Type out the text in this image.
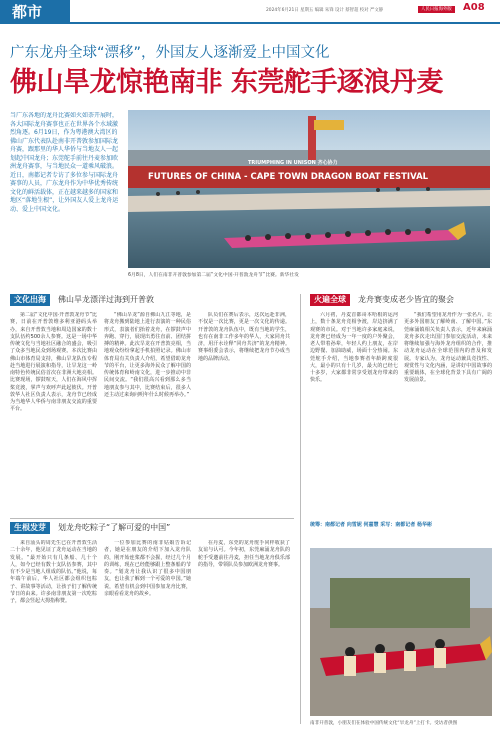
都市	2024年6月21日 星期五 编辑 朱锋 设计 蔡智超 校对 严文静	人民日报海外版	A08
广东龙舟全球“漂移”，外国友人逐渐爱上中国文化
佛山旱龙惊艳南非 东莞舵手逐浪丹麦
当广东各地的龙舟比赛如火如荼开展时，各大国际龙舟赛事也正在世界各个水域激烈角逐。6月19日，作为粤港澳大湾区的佛山广东代表队赴南非开普敦参加国际龙舟赛，跟那里的华人华侨与当地友人一起划起中国龙舟；东莞舵手前往丹麦参加欧洲龙舟赛事，与当地民众一道乘风破浪。近日，南都记者专访了多位参与国际龙舟赛事的人员，广东龙舟作为中华优秀传统文化的鲜活载体，正在越来越多的国家和地区“落地生根”，让外国友人爱上龙舟运动、爱上中国文化。
TRIUMPHING IN UNISON 齐心协力
FUTURES OF CHINA - CAPE TOWN DRAGON BOAT FESTIVAL
6月8日，人们在南非开普敦参加第二届“文化中国·开普敦龙舟节”比赛。新华社发
文化出海 佛山旱龙漂洋过海到开普敦	火遍全球 龙舟赛变成老少皆宜的聚会
第二届“文化中国·开普敦龙舟节”比赛，日前在开普敦维多利亚港码头举办，来自开普敦当地和周边国家的数十支队伍约500余人参赛。这是一场中华传统文化与当地社区融合的盛会，吸引了众多当地民众到场观赛。本次比赛由佛山市体育局支持，佛山旱龙队伍专程赴当地进行展演和指导，让旱龙这一岭南特色传统民俗首次在非洲大地亮相。比赛现场，锣鼓喧天，人们在海风中挥桨竞渡，掌声与欢呼声此起彼伏。开普敦华人社区负责人表示，龙舟节已经成为当地华人华侨与南非朋友交流的重要平台。
“佛山旱龙”源自佛山九江等地，是将龙舟搬到陆地上进行表演的一种民俗形式，表演者们抬着龙舟，在锣鼓声中奔跑、穿行，展现出勇往直前、团结拼搏的精神。此次旱龙在开普敦亮相，当地观众纷纷拿起手机拍照记录。佛山市体育局有关负责人介绍，希望借助龙舟节的平台，让更多海外民众了解中国的传统体育和岭南文化，进一步推动中非民间交流。“我们很高兴看到那么多当地朋友参与其中，比赛结束后，很多人还主动过来询问明年什么时候再举办。”
队员们在赛后表示，这次远赴非洲，不仅是一次比赛，更是一次文化的传递。开普敦的龙舟队伍中，既有当地的学生，也有在南非工作多年的华人，大家同舟共济，用汗水诠释“同舟共济”的龙舟精神。赛事组委会表示，将继续把龙舟节办成当地的品牌活动。
生根发芽 划龙舟吃粽子“了解可爱的中国”
来自汕头的周先生已在开普敦生活二十余年，他见证了龙舟运动在当地的发展。“最开始只有几条船、几十个人，如今已经有数十支队伍参赛，其中有不少是当地人组成的队伍。”他说，每年端午前后，华人社区都会组织包粽子、讲故事等活动，让孩子们了解传统节日的由来。许多南非朋友第一次吃粽子，都会竖起大拇指称赞。
一位参加比赛的南非姑娘告诉记者，她是在朋友的介绍下加入龙舟队的，刚开始连桨都不会握，经过几个月的训练，现在已经能够跟上整条船的节奏。“划龙舟让我认识了很多中国朋友，也让我了解到一个可爱的中国。”她说，希望有机会到中国参加龙舟比赛，亲眼看看龙舟的故乡。
在丹麦，东莞的龙舟舵手同样收获了友谊与认可。今年初，东莞麻涌龙舟队的舵手受邀前往丹麦，担任当地龙舟俱乐部的指导，带领队员参加欧洲龙舟赛事。
六月初，丹麦首都哥本哈根的运河上，数十条龙舟竞相争渡，岸边挤满了观赛的市民。对于当地许多家庭来说，龙舟赛已经成为一年一度的户外聚会，老人带着孙辈，年轻人约上朋友，在岸边野餐、加油助威，场面十分热闹。东莞舵手介绍，当地参赛者年龄跨度很大，最小的只有十几岁，最大的已经七十多岁，大家都非常享受划龙舟带来的快乐。
“我们希望用龙舟作为一张名片，让更多外国朋友了解岭南、了解中国。”东莞麻涌镇相关负责人表示，近年来麻涌龙舟多次走出国门参加交流活动，未来将继续加强与海外龙舟组织的合作，推动龙舟运动在全球范围内的普及和发展。专家认为，龙舟运动兼具竞技性、观赏性与文化内涵，是讲好中国故事的重要载体，在全球化背景下具有广阔的发展前景。
统筹：南都记者 向雪妮 何嘉慧 采写：南都记者 杨华彬
南非开普敦，小朋友们在体验中国传统文化“旱龙舟”上打卡。受访者供图
